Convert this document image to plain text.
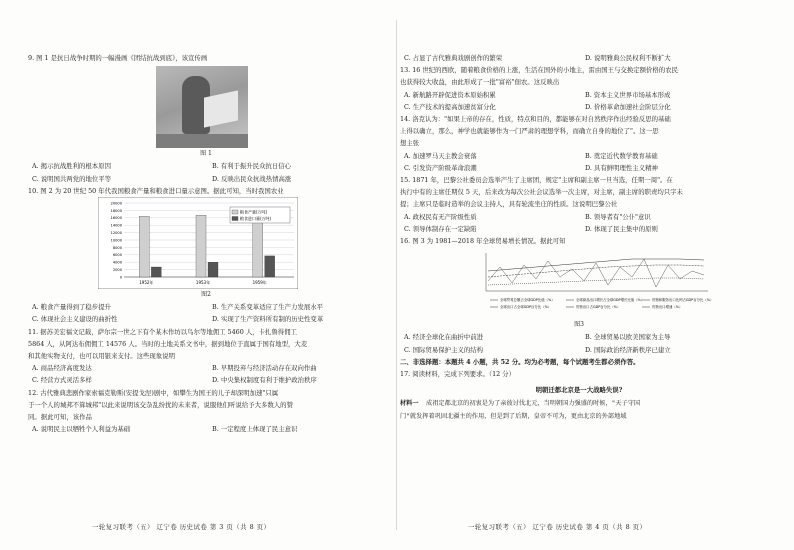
9. 图 1 是抗日战争时期的一幅漫画《团结抗战到底》，该宣传画

图 1

A. 揭示抗战胜利的根本原因	B. 有利于振升民众抗日信心

C. 说明国共两党的地位平等	D. 反映出民众抗战热情高涨

10. 图 2 为 20 世纪 50 年代我国粮食产量和粮食进口量示意图。据此可知，当时我国农业

0
2000
4000
6000
8000
10000
12000
14000
16000
18000
20000
1952年	1953年	1959年
粮食产量(万吨)
粮食进口量(万吨)

图2

A. 粮食产量得到了稳步提升	B. 生产关系变革适应了生产力发展水平

C. 体现社会主义建设的曲折性	D. 实现了生产资料所有制的历史性变革

11. 据苏美宏福文记载，萨尔宗一世之下有个某木作坊以鸟尔等地佣工 5460 人，卡扎鲁得佣工

5864 人，从阿达布佣佣工 14576 人。当时的土地关系文书中，据到地位于直属于国有地型，大麦

和其他实物支付，也可以用银来支付。这些现象说明

A. 商品经济高度发达	B. 早期投弃与经济活动存在双向作曲

C. 经营方式灵活多样	D. 中央集权制度有利于维护政治秩序

12. 古代雅典悲剧作家索福克勒斯(安提戈涅)剧中，如攀生为国王的儿子却深明加速"只属

于一个人的城邦不算城邦"以此来说明该交杂乱纷扰的未来者，说服他们听说给予大多数人的赞

同。据此可知，该作品

A. 说明民主以牺牲个人利益为基础	B. 一定程度上体现了民主意识

一轮复习联考（五） 辽宁卷 历史试卷 第 3 页（共 8 页）

C. 占显了古代雅典戏剧创作的繁荣	D. 说明雅典公民权利不断扩大

13. 16 世纪的西欧，随着粮食价格的上涨，生活在国外的小地主，雷由国王与交换定额价格的农民

也获得较大收益，由此形成了一批"富裕"佃农。这反映出

A. 新航路开辟促进资本原始积累	B. 资本主义世界市场基本形成

C. 生产技术的提高加速贫富分化	D. 价格革命加速社会阶层分化

14. 洛克认为："如果上帝的存在，性质，特点和目的，都能够在对自然秩序作出经验反思的基础

上得以确立，那么，神学也就能够作为一门严肃的理想学科，而确立自身的地位了"。这一思

想主张

A. 加速罗马天主教会衰落	B. 奠定近代数学教育基础

C. 引发资产阶级革命浪潮	D. 具有鲜明理性主义精神

15. 1871 年，巴黎公社委员会选举产生了主席团，规定"主席和副主席一旦当选，任期一周"。在

执行中有的主席任期仅 5 天，后来改为每次公社会议选举一次主席，对主席，副主席的职责均只字未

提；主席只是临时造举的会议主持人，具有轮流坐庄的性质。这说明巴黎公社

A. 政权民有无产阶级性质	B. 领导者有"公仆"意识

C. 领导体制存在一定缺陷	D. 体现了民主集中的原则

16. 图 3 为 1981—2018 年全球贸易增长情况。据此可知

全球贸易总额占全球GDP比值（%）	全球商品出口增长占全球GDP增长比值（%） 货物和服务出口比例占GDP百分比（%）
全球出口占全球GDP百分比（%）	货物出口占GDP百分比（%）	货物出口增速（%）

图3

A. 经济全球化在曲折中前进	B. 全球贸易以欧美国家为主导

C. 国际贸易保护主义的结构	D. 国际政治经济新秩序已建立

二、非选择题：本题共 4 小题，共 52 分。均为必考题，每个试题考生都必须作答。

17. 阅读材料，完成下列要求。（12 分）

明朝迁都北京是一大战略失误?

材料一 成祖定都北京的初衷是为了亲彼讨伐北元，当明朝国力强盛的时候，"天子守国

门"就发挥着巩固北疆主的作用，但是到了后期，皇帝不可为，更由北京的外部地域

一轮复习联考（五） 辽宁卷 历史试卷 第 4 页（共 8 页）
